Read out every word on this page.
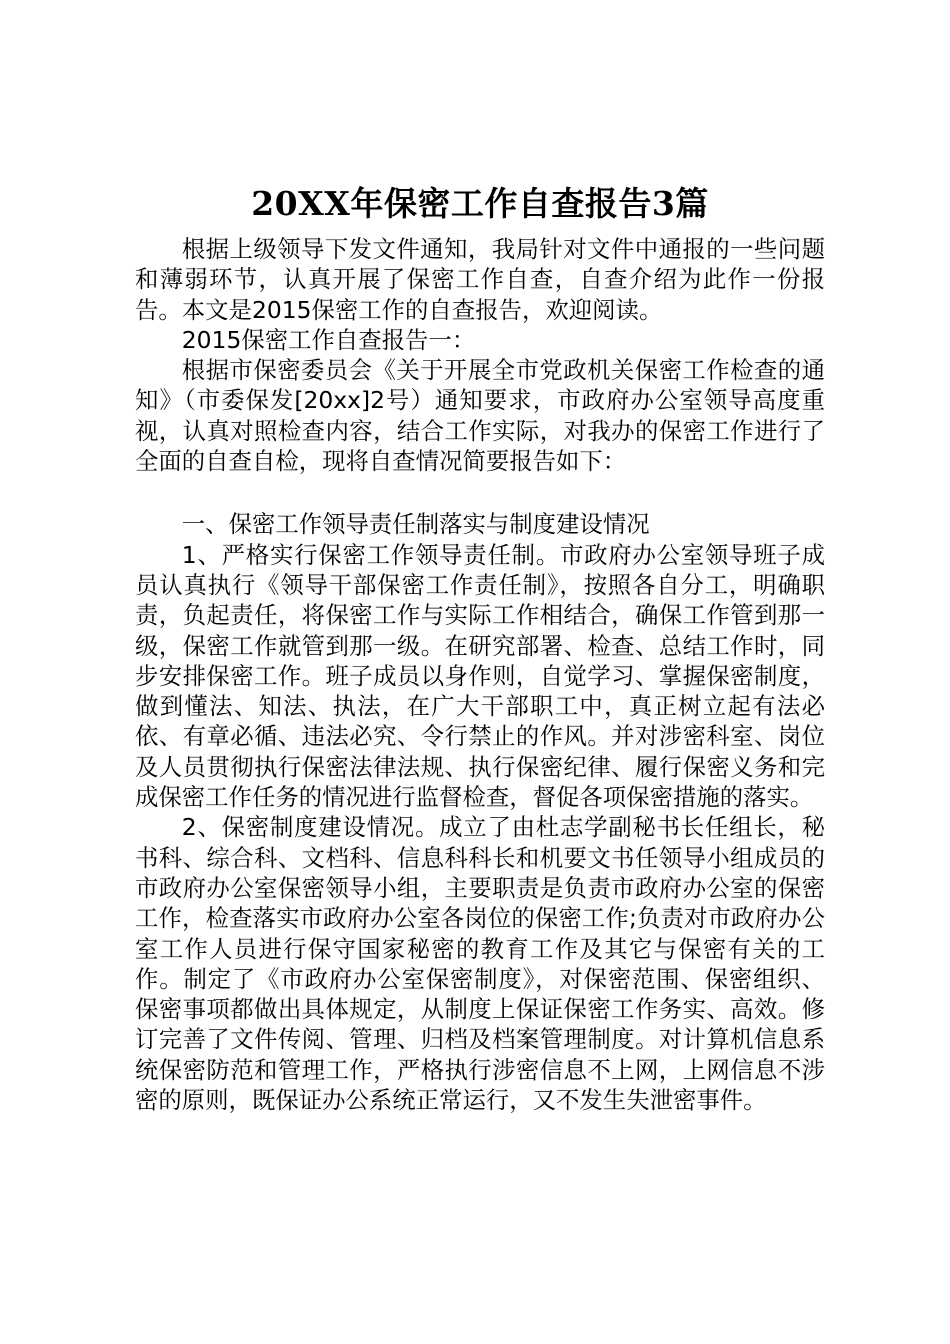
20XX年保密工作自查报告3篇

根据上级领导下发文件通知，我局针对文件中通报的一些问题和薄弱环节，认真开展了保密工作自查，自查介绍为此作一份报告。本文是2015保密工作的自查报告，欢迎阅读。

2015保密工作自查报告一：

根据市保密委员会《关于开展全市党政机关保密工作检查的通知》（市委保发[20xx]2号）通知要求，市政府办公室领导高度重视，认真对照检查内容，结合工作实际，对我办的保密工作进行了全面的自查自检，现将自查情况简要报告如下：

一、保密工作领导责任制落实与制度建设情况

1、严格实行保密工作领导责任制。市政府办公室领导班子成员认真执行《领导干部保密工作责任制》，按照各自分工，明确职责，负起责任，将保密工作与实际工作相结合，确保工作管到那一级，保密工作就管到那一级。在研究部署、检查、总结工作时，同步安排保密工作。班子成员以身作则，自觉学习、掌握保密制度，做到懂法、知法、执法，在广大干部职工中，真正树立起有法必依、有章必循、违法必究、令行禁止的作风。并对涉密科室、岗位及人员贯彻执行保密法律法规、执行保密纪律、履行保密义务和完成保密工作任务的情况进行监督检查，督促各项保密措施的落实。

2、保密制度建设情况。成立了由杜志学副秘书长任组长，秘书科、综合科、文档科、信息科科长和机要文书任领导小组成员的市政府办公室保密领导小组，主要职责是负责市政府办公室的保密工作，检查落实市政府办公室各岗位的保密工作;负责对市政府办公室工作人员进行保守国家秘密的教育工作及其它与保密有关的工作。制定了《市政府办公室保密制度》，对保密范围、保密组织、保密事项都做出具体规定，从制度上保证保密工作务实、高效。修订完善了文件传阅、管理、归档及档案管理制度。对计算机信息系统保密防范和管理工作，严格执行涉密信息不上网，上网信息不涉密的原则，既保证办公系统正常运行，又不发生失泄密事件。
